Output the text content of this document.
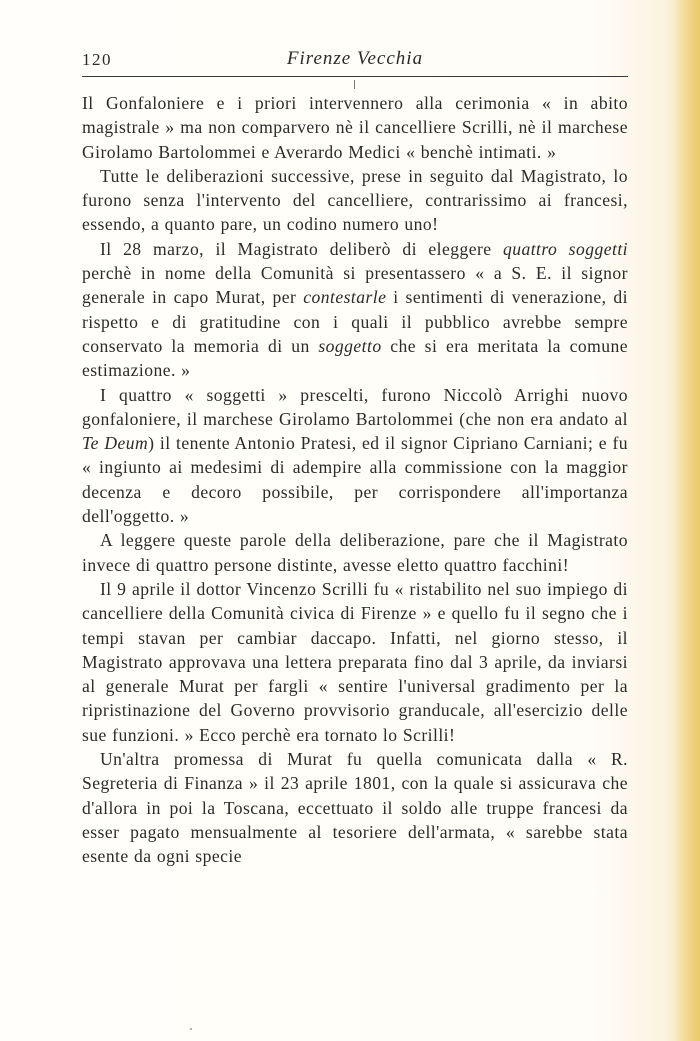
120	Firenze Vecchia

Il Gonfaloniere e i priori intervennero alla cerimonia « in abito magistrale » ma non comparvero nè il cancelliere Scrilli, nè il marchese Girolamo Bartolommei e Averardo Medici « benchè intimati. »

Tutte le deliberazioni successive, prese in seguito dal Magistrato, lo furono senza l'intervento del cancelliere, contrarissimo ai francesi, essendo, a quanto pare, un codino numero uno!

Il 28 marzo, il Magistrato deliberò di eleggere quattro soggetti perchè in nome della Comunità si presentassero « a S. E. il signor generale in capo Murat, per contestarle i sentimenti di venerazione, di rispetto e di gratitudine con i quali il pubblico avrebbe sempre conservato la memoria di un soggetto che si era meritata la comune estimazione. »

I quattro « soggetti » prescelti, furono Niccolò Arrighi nuovo gonfaloniere, il marchese Girolamo Bartolommei (che non era andato al Te Deum) il tenente Antonio Pratesi, ed il signor Cipriano Carniani; e fu « ingiunto ai medesimi di adempire alla commissione con la maggior decenza e decoro possibile, per corrispondere all'importanza dell'oggetto. »

A leggere queste parole della deliberazione, pare che il Magistrato invece di quattro persone distinte, avesse eletto quattro facchini!

Il 9 aprile il dottor Vincenzo Scrilli fu « ristabilito nel suo impiego di cancelliere della Comunità civica di Firenze » e quello fu il segno che i tempi stavan per cambiar daccapo. Infatti, nel giorno stesso, il Magistrato approvava una lettera preparata fino dal 3 aprile, da inviarsi al generale Murat per fargli « sentire l'universal gradimento per la ripristinazione del Governo provvisorio granducale, all'esercizio delle sue funzioni. » Ecco perchè era tornato lo Scrilli!

Un'altra promessa di Murat fu quella comunicata dalla « R. Segreteria di Finanza » il 23 aprile 1801, con la quale si assicurava che d'allora in poi la Toscana, eccettuato il soldo alle truppe francesi da esser pagato mensualmente al tesoriere dell'armata, « sarebbe stata esente da ogni specie
